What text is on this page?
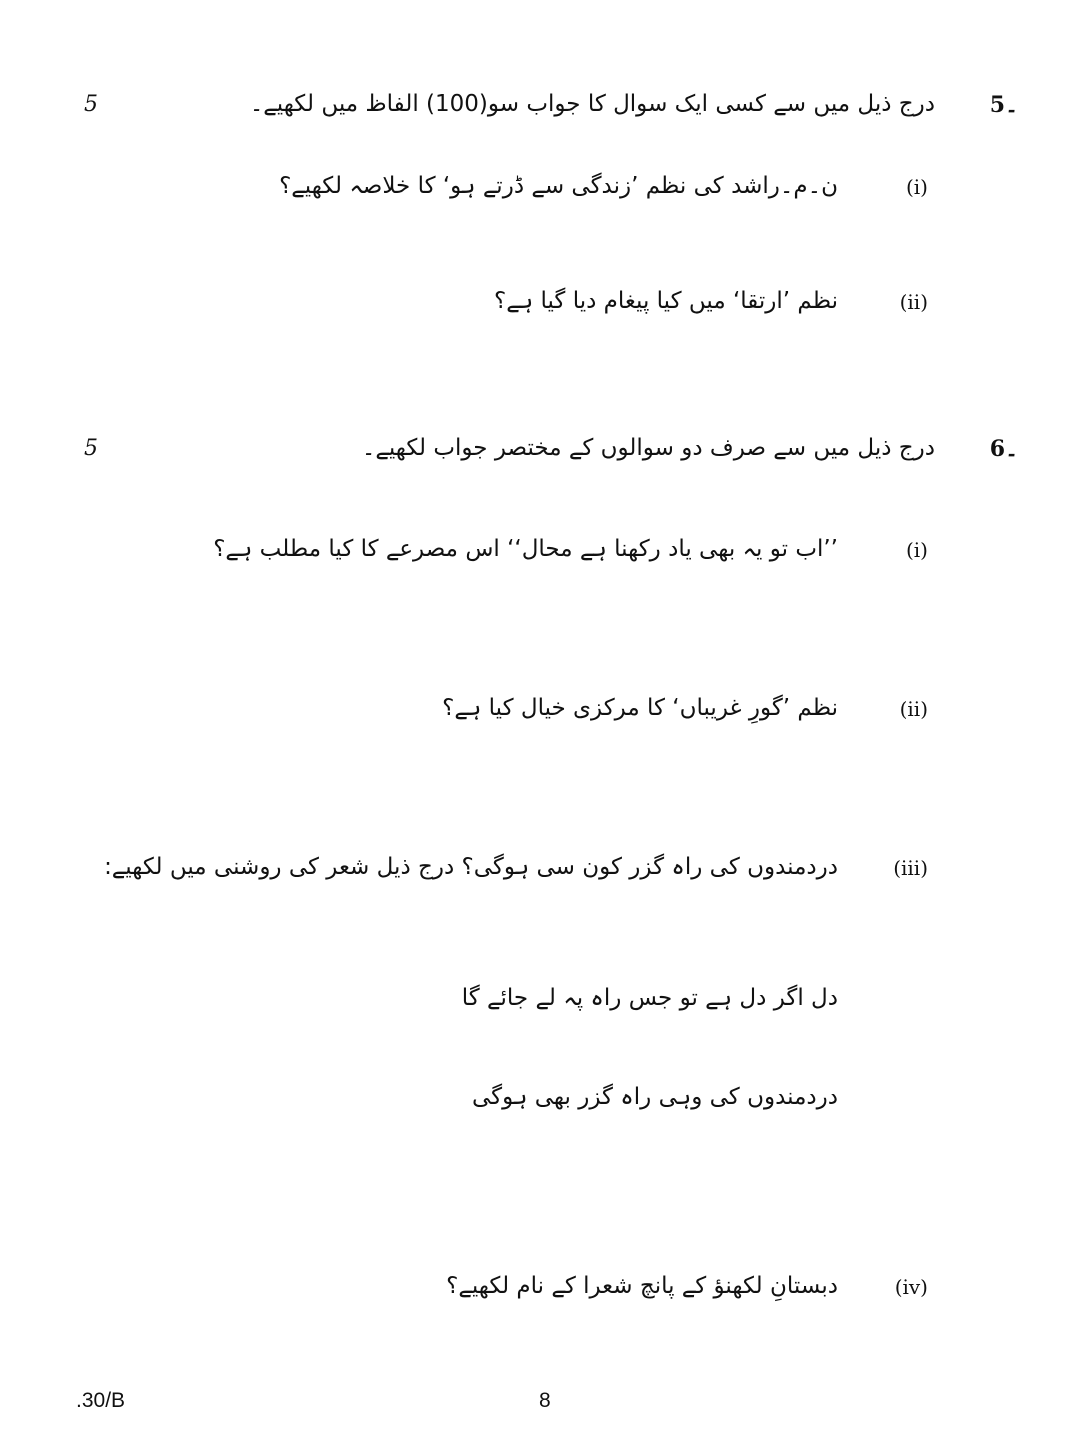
5	۔5
درج ذیل میں سے کسی ایک سوال کا جواب سو(100) الفاظ میں لکھیے۔
(i)
ن۔م۔راشد کی نظم ’زندگی سے ڈرتے ہو‘ کا خلاصہ لکھیے؟
(ii)
نظم ’ارتقا‘ میں کیا پیغام دیا گیا ہے؟
5	۔6
درج ذیل میں سے صرف دو سوالوں کے مختصر جواب لکھیے۔
(i)
’’اب تو یہ بھی یاد رکھنا ہے محال‘‘ اس مصرعے کا کیا مطلب ہے؟
(ii)
نظم ’گورِ غریباں‘ کا مرکزی خیال کیا ہے؟
(iii)
دردمندوں کی راہ گزر کون سی ہوگی؟ درج ذیل شعر کی روشنی میں لکھیے:
دل اگر دل ہے تو جس راہ پہ لے جائے گا
دردمندوں کی وہی راہ گزر بھی ہوگی
(iv)
دبستانِ لکھنؤ کے پانچ شعرا کے نام لکھیے؟
.30/B	8
